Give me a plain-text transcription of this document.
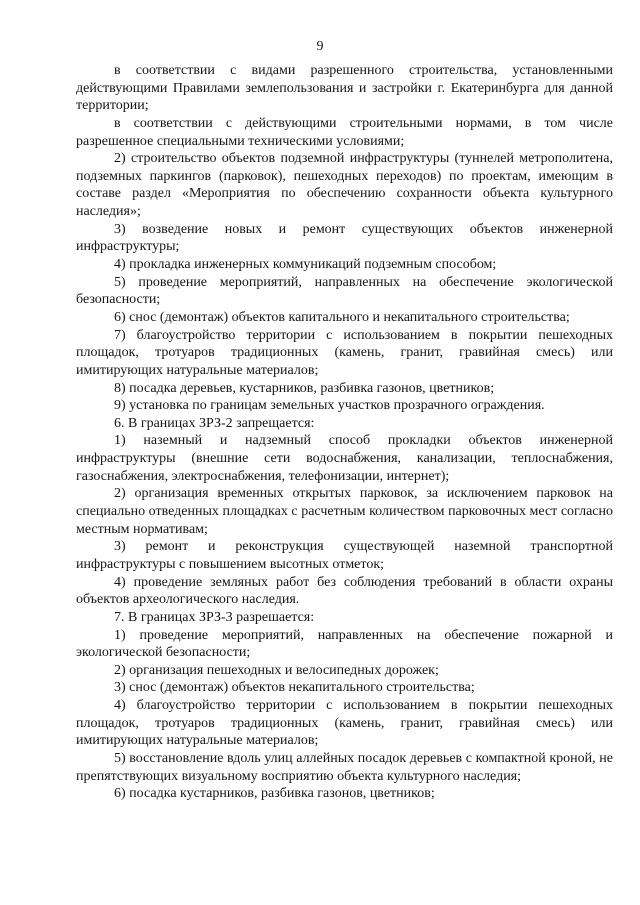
9

в соответствии с видами разрешенного строительства, установленными действующими Правилами землепользования и застройки г. Екатеринбурга для данной территории;

в соответствии с действующими строительными нормами, в том числе разрешенное специальными техническими условиями;

2) строительство объектов подземной инфраструктуры (туннелей метрополитена, подземных паркингов (парковок), пешеходных переходов) по проектам, имеющим в составе раздел «Мероприятия по обеспечению сохранности объекта культурного наследия»;

3) возведение новых и ремонт существующих объектов инженерной инфраструктуры;

4) прокладка инженерных коммуникаций подземным способом;

5) проведение мероприятий, направленных на обеспечение экологической безопасности;

6) снос (демонтаж) объектов капитального и некапитального строительства;

7) благоустройство территории с использованием в покрытии пешеходных площадок, тротуаров традиционных (камень, гранит, гравийная смесь) или имитирующих натуральные материалов;

8) посадка деревьев, кустарников, разбивка газонов, цветников;

9) установка по границам земельных участков прозрачного ограждения.

6. В границах ЗРЗ-2 запрещается:

1) наземный и надземный способ прокладки объектов инженерной инфраструктуры (внешние сети водоснабжения, канализации, теплоснабжения, газоснабжения, электроснабжения, телефонизации, интернет);

2) организация временных открытых парковок, за исключением парковок на специально отведенных площадках с расчетным количеством парковочных мест согласно местным нормативам;

3) ремонт и реконструкция существующей наземной транспортной инфраструктуры с повышением высотных отметок;

4) проведение земляных работ без соблюдения требований в области охраны объектов археологического наследия.

7. В границах ЗРЗ-3 разрешается:

1) проведение мероприятий, направленных на обеспечение пожарной и экологической безопасности;

2) организация пешеходных и велосипедных дорожек;

3) снос (демонтаж) объектов некапитального строительства;

4) благоустройство территории с использованием в покрытии пешеходных площадок, тротуаров традиционных (камень, гранит, гравийная смесь) или имитирующих натуральные материалов;

5) восстановление вдоль улиц аллейных посадок деревьев с компактной кроной, не препятствующих визуальному восприятию объекта культурного наследия;

6) посадка кустарников, разбивка газонов, цветников;
